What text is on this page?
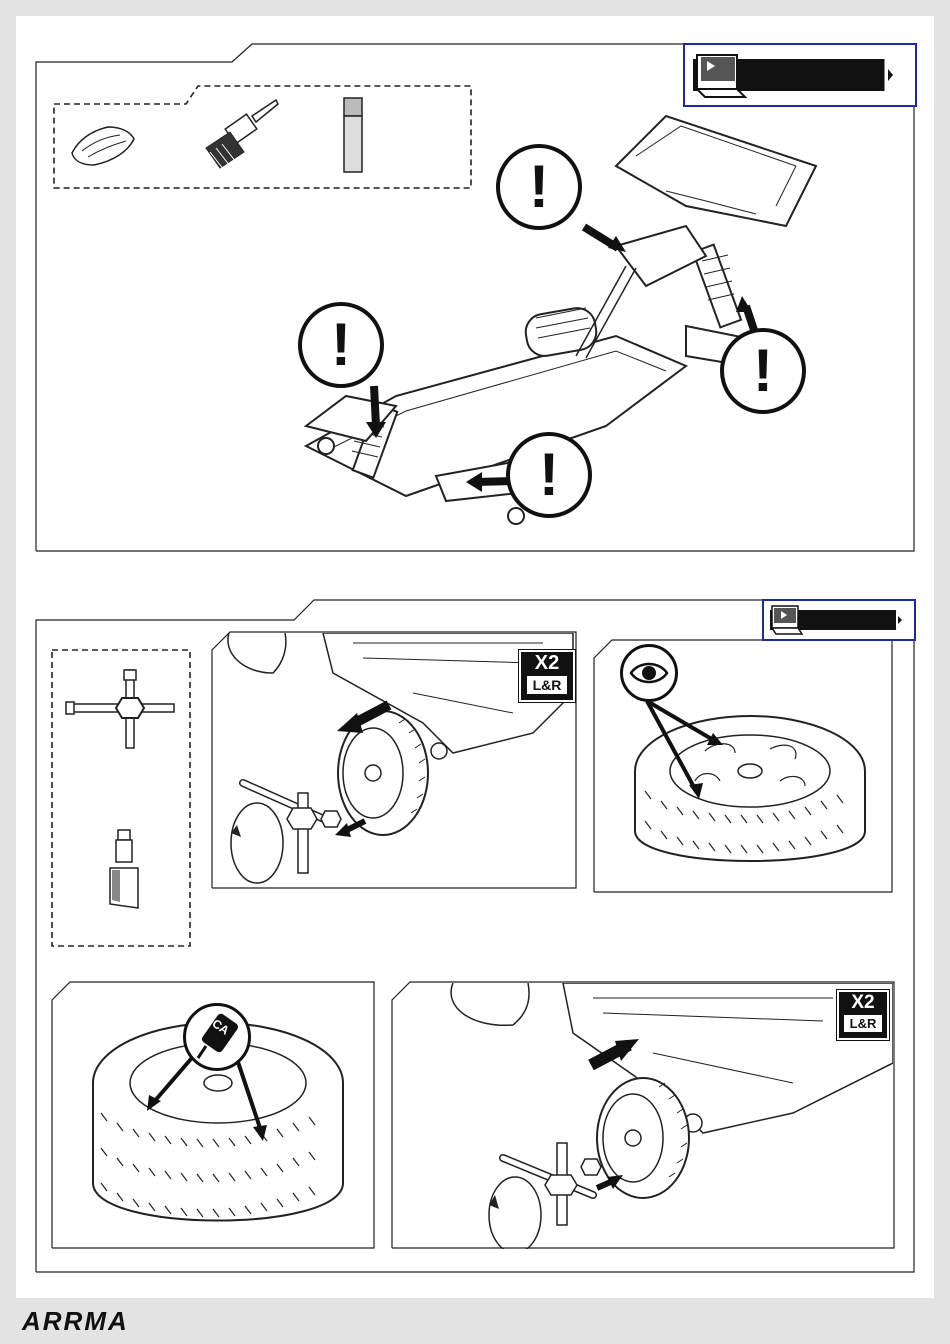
!
!	!
!
X2
L&R
CA
X2
L&R
ARRMA
